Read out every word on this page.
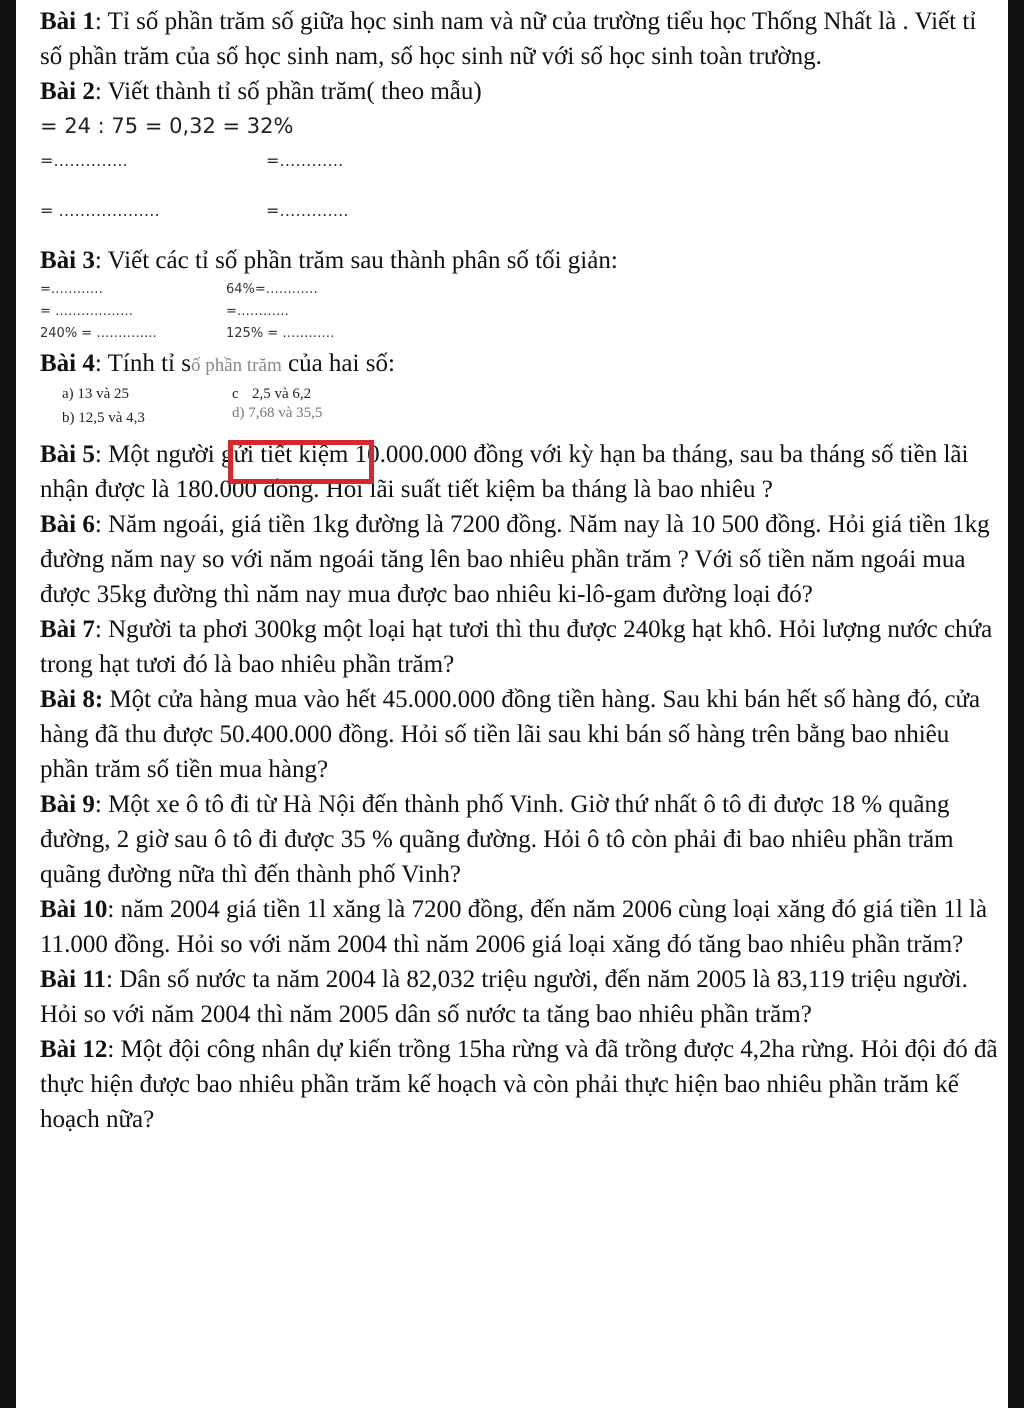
Bài 1: Tỉ số phần trăm số giữa học sinh nam và nữ của trường tiểu học Thống Nhất là . Viết tỉ số phần trăm của số học sinh nam, số học sinh nữ với số học sinh toàn trường.

Bài 2: Viết thành tỉ số phần trăm( theo mẫu)

= 24 : 75 = 0,32 = 32%

=…………..	=…………
= ……………….	=………….

Bài 3: Viết các tỉ số phần trăm sau thành phân số tối giản:

=…………	64%=…………
= ………………	=…………
240% = …………..	125% = …………

Bài 4: Tính tỉ số phần trăm của hai số:

a) 13 và 25	c 2,5 và 6,2
b) 12,5 và 4,3	d) 7,68 và 35,5

Bài 5: Một người gửi tiết kiệm 10.000.000 đồng với kỳ hạn ba tháng, sau ba tháng số tiền lãi nhận được là 180.000 đồng. Hỏi lãi suất tiết kiệm ba tháng là bao nhiêu ?

Bài 6: Năm ngoái, giá tiền 1kg đường là 7200 đồng. Năm nay là 10 500 đồng. Hỏi giá tiền 1kg đường năm nay so với năm ngoái tăng lên bao nhiêu phần trăm ? Với số tiền năm ngoái mua được 35kg đường thì năm nay mua được bao nhiêu ki-lô-gam đường loại đó?

Bài 7: Người ta phơi 300kg một loại hạt tươi thì thu được 240kg hạt khô. Hỏi lượng nước chứa trong hạt tươi đó là bao nhiêu phần trăm?

Bài 8: Một cửa hàng mua vào hết 45.000.000 đồng tiền hàng. Sau khi bán hết số hàng đó, cửa hàng đã thu được 50.400.000 đồng. Hỏi số tiền lãi sau khi bán số hàng trên bằng bao nhiêu phần trăm số tiền mua hàng?

Bài 9: Một xe ô tô đi từ Hà Nội đến thành phố Vinh. Giờ thứ nhất ô tô đi được 18 % quãng đường, 2 giờ sau ô tô đi được 35 % quãng đường. Hỏi ô tô còn phải đi bao nhiêu phần trăm quãng đường nữa thì đến thành phố Vinh?

Bài 10: năm 2004 giá tiền 1l xăng là 7200 đồng, đến năm 2006 cùng loại xăng đó giá tiền 1l là 11.000 đồng. Hỏi so với năm 2004 thì năm 2006 giá loại xăng đó tăng bao nhiêu phần trăm?

Bài 11: Dân số nước ta năm 2004 là 82,032 triệu người, đến năm 2005 là 83,119 triệu người. Hỏi so với năm 2004 thì năm 2005 dân số nước ta tăng bao nhiêu phần trăm?

Bài 12: Một đội công nhân dự kiến trồng 15ha rừng và đã trồng được 4,2ha rừng. Hỏi đội đó đã thực hiện được bao nhiêu phần trăm kế hoạch và còn phải thực hiện bao nhiêu phần trăm kế hoạch nữa?
